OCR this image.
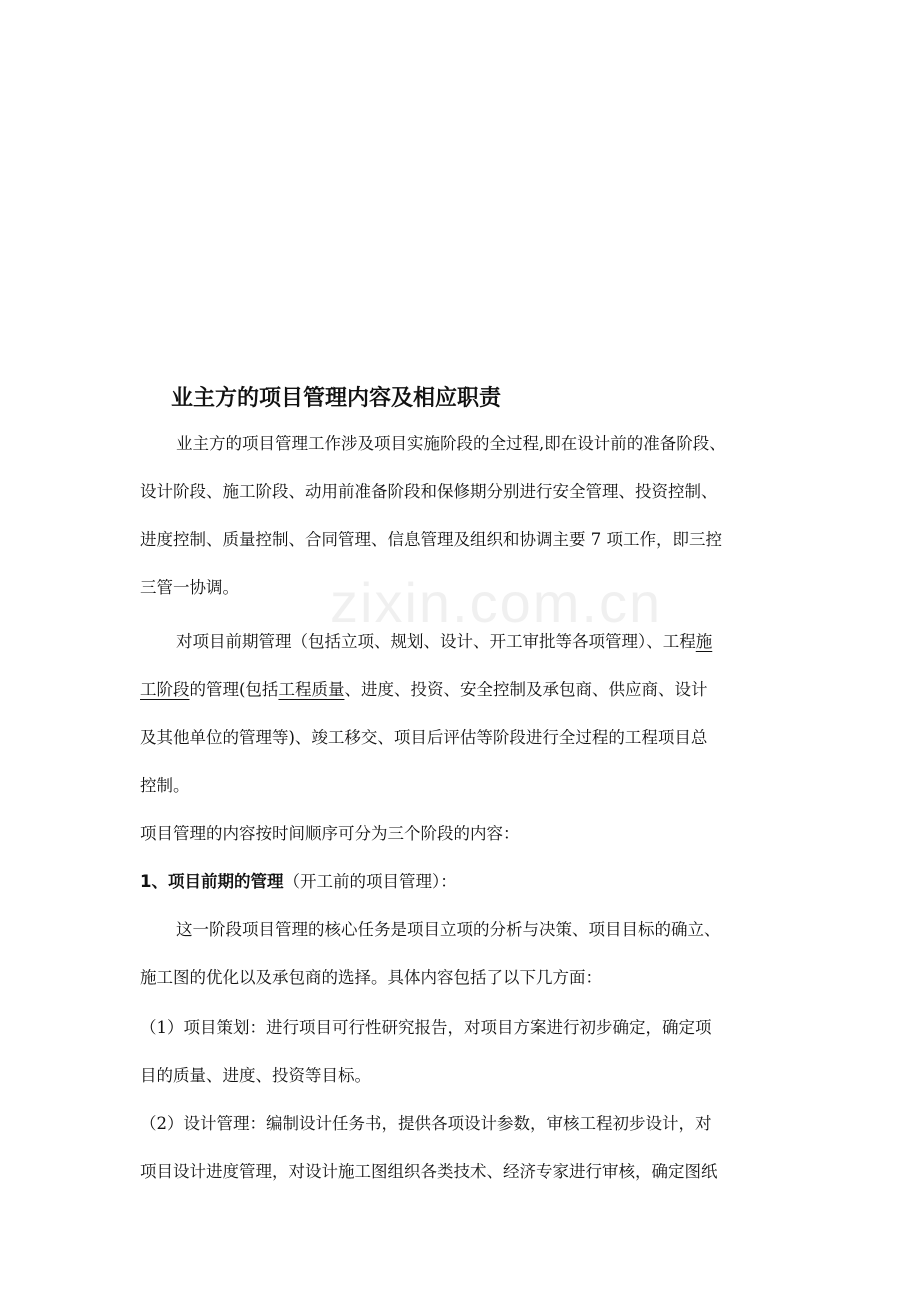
zixin.com.cn
业主方的项目管理内容及相应职责
业主方的项目管理工作涉及项目实施阶段的全过程,即在设计前的准备阶段、
设计阶段、施工阶段、动用前准备阶段和保修期分别进行安全管理、投资控制、
进度控制、质量控制、合同管理、信息管理及组织和协调主要 7 项工作，即三控
三管一协调。
对项目前期管理（包括立项、规划、设计、开工审批等各项管理）、工程施
工阶段的管理(包括工程质量、进度、投资、安全控制及承包商、供应商、设计
及其他单位的管理等)、竣工移交、项目后评估等阶段进行全过程的工程项目总
控制。
项目管理的内容按时间顺序可分为三个阶段的内容：
1、项目前期的管理（开工前的项目管理）：
这一阶段项目管理的核心任务是项目立项的分析与决策、项目目标的确立、
施工图的优化以及承包商的选择。具体内容包括了以下几方面：
（1）项目策划：进行项目可行性研究报告，对项目方案进行初步确定，确定项
目的质量、进度、投资等目标。
（2）设计管理：编制设计任务书，提供各项设计参数，审核工程初步设计，对
项目设计进度管理，对设计施工图组织各类技术、经济专家进行审核，确定图纸
